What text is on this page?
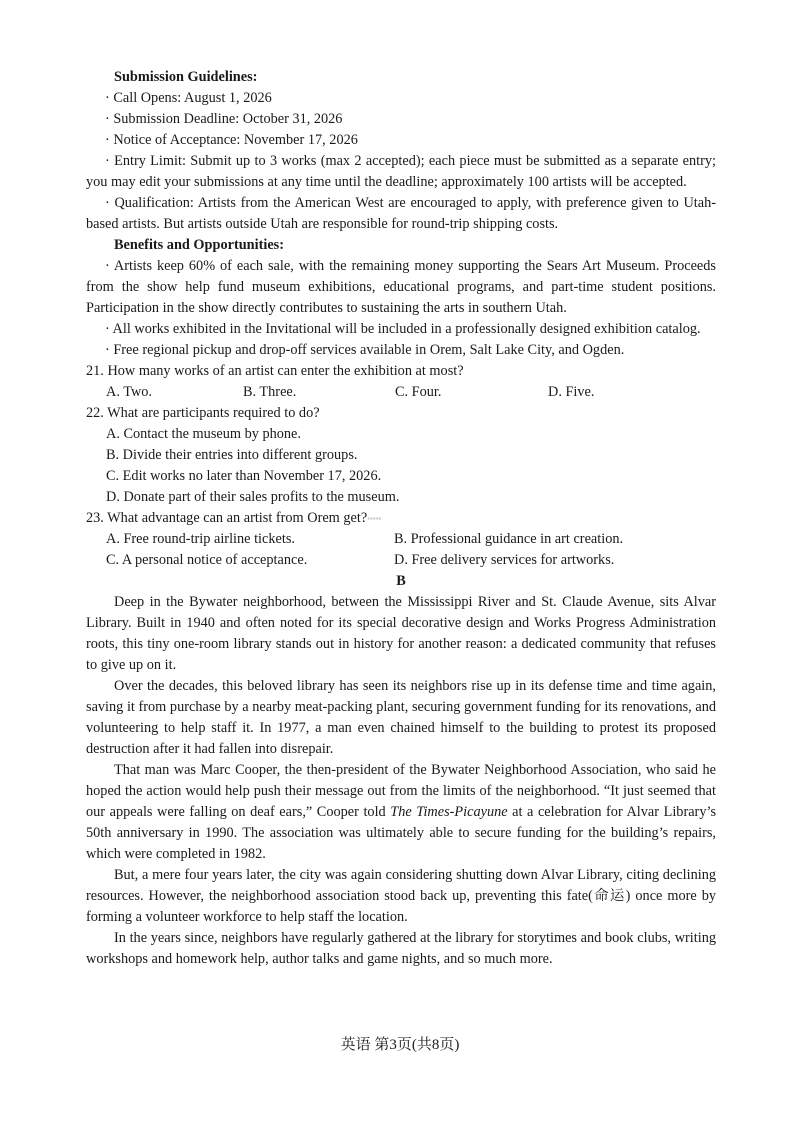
Submission Guidelines:

· Call Opens: August 1, 2026

· Submission Deadline: October 31, 2026

· Notice of Acceptance: November 17, 2026

· Entry Limit: Submit up to 3 works (max 2 accepted); each piece must be submitted as a separate entry; you may edit your submissions at any time until the deadline; approximately 100 artists will be accepted.

· Qualification: Artists from the American West are encouraged to apply, with preference given to Utah-based artists. But artists outside Utah are responsible for round-trip shipping costs.

Benefits and Opportunities:

· Artists keep 60% of each sale, with the remaining money supporting the Sears Art Museum. Proceeds from the show help fund museum exhibitions, educational programs, and part-time student positions. Participation in the show directly contributes to sustaining the arts in southern Utah.

· All works exhibited in the Invitational will be included in a professionally designed exhibition catalog.

· Free regional pickup and drop-off services available in Orem, Salt Lake City, and Ogden.

21. How many works of an artist can enter the exhibition at most?

A. Two.	B. Three.	C. Four.	D. Five.

22. What are participants required to do?

A. Contact the museum by phone.

B. Divide their entries into different groups.

C. Edit works no later than November 17, 2026.

D. Donate part of their sales profits to the museum.

23. What advantage can an artist from Orem get?▪▪▪▪▪

A. Free round-trip airline tickets.	B. Professional guidance in art creation.
C. A personal notice of acceptance.	D. Free delivery services for artworks.

B

Deep in the Bywater neighborhood, between the Mississippi River and St. Claude Avenue, sits Alvar Library. Built in 1940 and often noted for its special decorative design and Works Progress Administration roots, this tiny one-room library stands out in history for another reason: a dedicated community that refuses to give up on it.

Over the decades, this beloved library has seen its neighbors rise up in its defense time and time again, saving it from purchase by a nearby meat-packing plant, securing government funding for its renovations, and volunteering to help staff it. In 1977, a man even chained himself to the building to protest its proposed destruction after it had fallen into disrepair.

That man was Marc Cooper, the then-president of the Bywater Neighborhood Association, who said he hoped the action would help push their message out from the limits of the neighborhood. “It just seemed that our appeals were falling on deaf ears,” Cooper told The Times-Picayune at a celebration for Alvar Library’s 50th anniversary in 1990. The association was ultimately able to secure funding for the building’s repairs, which were completed in 1982.

But, a mere four years later, the city was again considering shutting down Alvar Library, citing declining resources. However, the neighborhood association stood back up, preventing this fate(命运) once more by forming a volunteer workforce to help staff the location.

In the years since, neighbors have regularly gathered at the library for storytimes and book clubs, writing workshops and homework help, author talks and game nights, and so much more.

英语 第3页(共8页)
